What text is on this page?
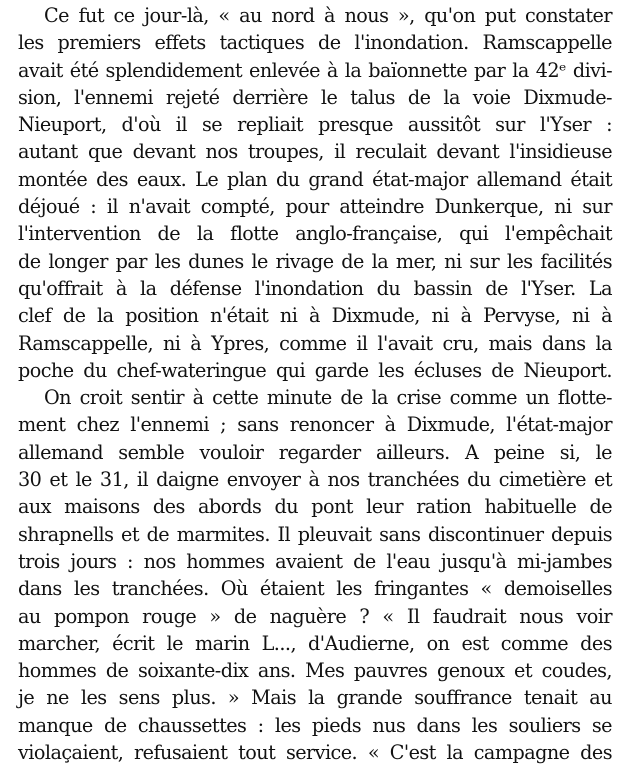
Ce fut ce jour-là, « au nord à nous », qu'on put constater
les premiers effets tactiques de l'inondation. Ramscappelle
avait été splendidement enlevée à la baïonnette par la 42ᵉ divi-
sion, l'ennemi rejeté derrière le talus de la voie Dixmude-
Nieuport, d'où il se repliait presque aussitôt sur l'Yser :
autant que devant nos troupes, il reculait devant l'insidieuse
montée des eaux. Le plan du grand état-major allemand était
déjoué : il n'avait compté, pour atteindre Dunkerque, ni sur
l'intervention de la flotte anglo-française, qui l'empêchait
de longer par les dunes le rivage de la mer, ni sur les facilités
qu'offrait à la défense l'inondation du bassin de l'Yser. La
clef de la position n'était ni à Dixmude, ni à Pervyse, ni à
Ramscappelle, ni à Ypres, comme il l'avait cru, mais dans la
poche du chef-wateringue qui garde les écluses de Nieuport.
On croit sentir à cette minute de la crise comme un flotte-
ment chez l'ennemi ; sans renoncer à Dixmude, l'état-major
allemand semble vouloir regarder ailleurs. A peine si, le
30 et le 31, il daigne envoyer à nos tranchées du cimetière et
aux maisons des abords du pont leur ration habituelle de
shrapnells et de marmites. Il pleuvait sans discontinuer depuis
trois jours : nos hommes avaient de l'eau jusqu'à mi-jambes
dans les tranchées. Où étaient les fringantes « demoiselles
au pompon rouge » de naguère ? « Il faudrait nous voir
marcher, écrit le marin L..., d'Audierne, on est comme des
hommes de soixante-dix ans. Mes pauvres genoux et coudes,
je ne les sens plus. » Mais la grande souffrance tenait au
manque de chaussettes : les pieds nus dans les souliers se
violaçaient, refusaient tout service. « C'est la campagne des
